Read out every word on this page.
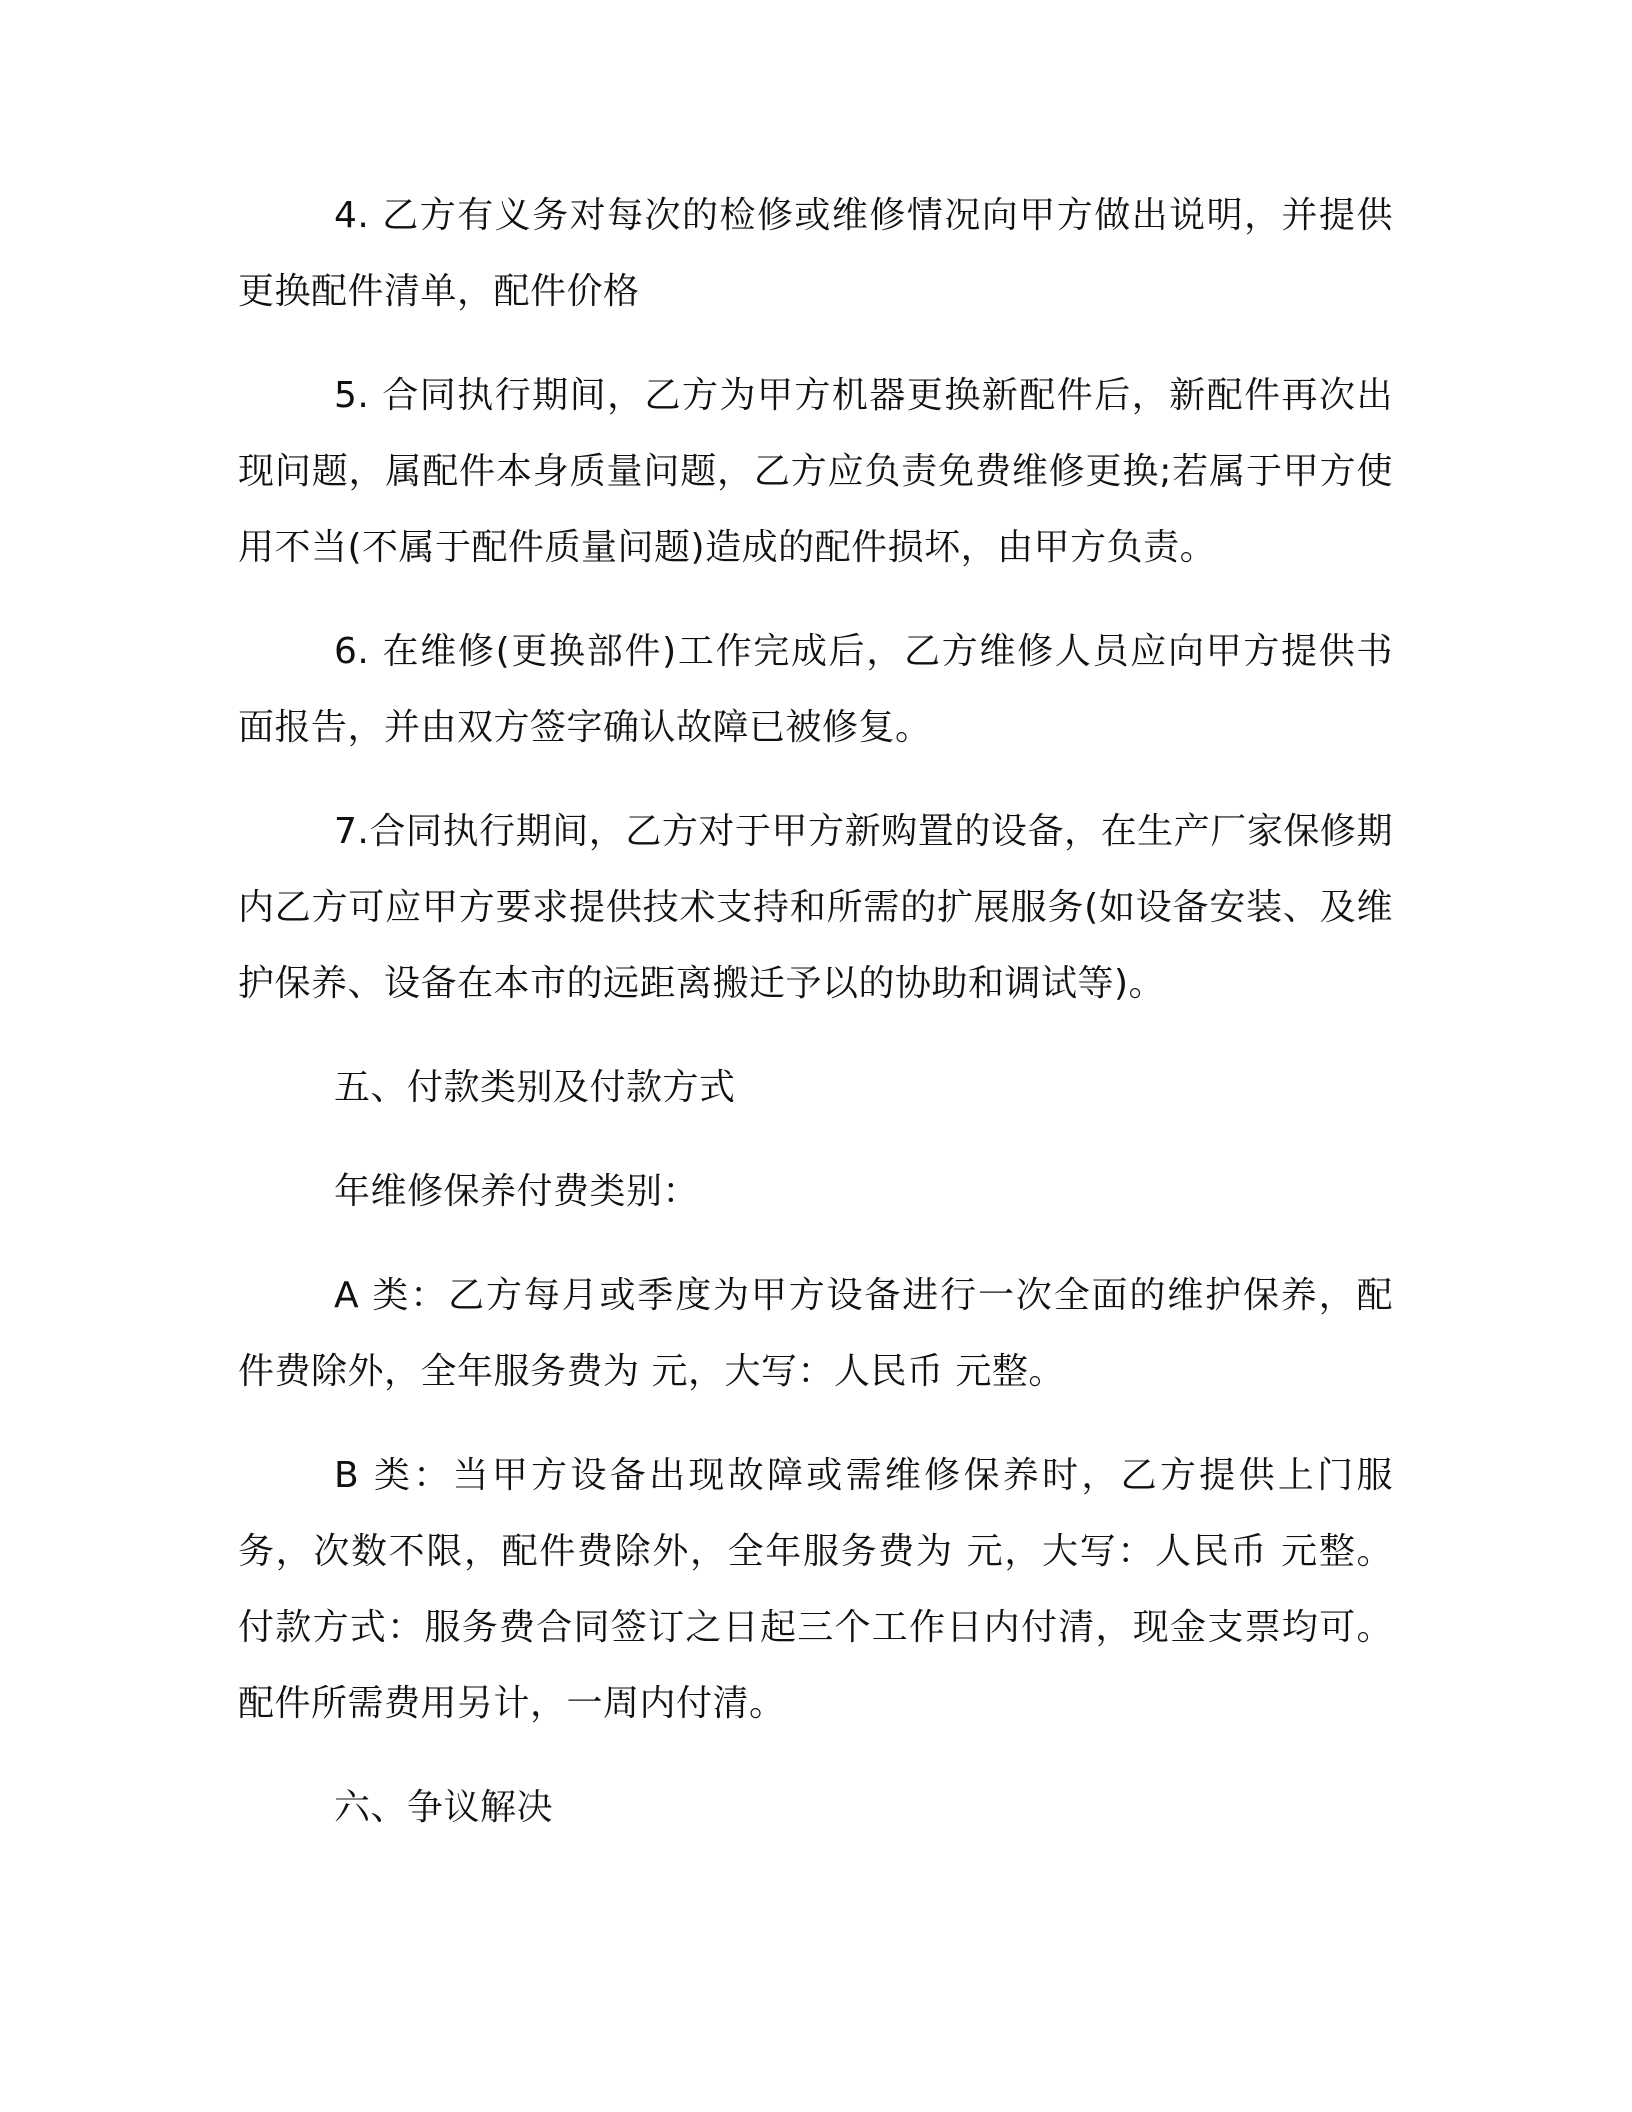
4. 乙方有义务对每次的检修或维修情况向甲方做出说明，并提供更换配件清单，配件价格

5. 合同执行期间，乙方为甲方机器更换新配件后，新配件再次出现问题，属配件本身质量问题，乙方应负责免费维修更换;若属于甲方使用不当(不属于配件质量问题)造成的配件损坏，由甲方负责。

6. 在维修(更换部件)工作完成后，乙方维修人员应向甲方提供书面报告，并由双方签字确认故障已被修复。

7.合同执行期间，乙方对于甲方新购置的设备，在生产厂家保修期内乙方可应甲方要求提供技术支持和所需的扩展服务(如设备安装、及维护保养、设备在本市的远距离搬迁予以的协助和调试等)。

五、付款类别及付款方式

年维修保养付费类别：

A 类：乙方每月或季度为甲方设备进行一次全面的维护保养，配件费除外，全年服务费为 元，大写：人民币 元整。

B 类：当甲方设备出现故障或需维修保养时，乙方提供上门服务，次数不限，配件费除外，全年服务费为 元，大写：人民币 元整。付款方式：服务费合同签订之日起三个工作日内付清，现金支票均可。配件所需费用另计，一周内付清。

六、争议解决
